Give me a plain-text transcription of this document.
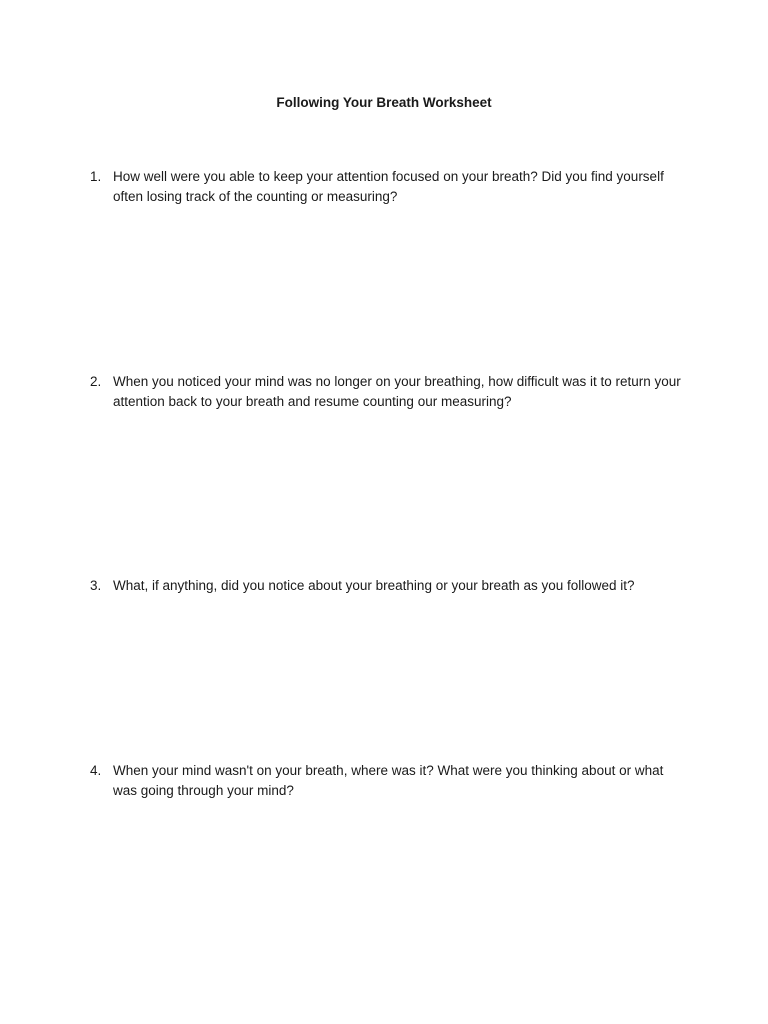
Following Your Breath Worksheet
1. How well were you able to keep your attention focused on your breath? Did you find yourself often losing track of the counting or measuring?
2. When you noticed your mind was no longer on your breathing, how difficult was it to return your attention back to your breath and resume counting our measuring?
3. What, if anything, did you notice about your breathing or your breath as you followed it?
4. When your mind wasn't on your breath, where was it? What were you thinking about or what was going through your mind?
